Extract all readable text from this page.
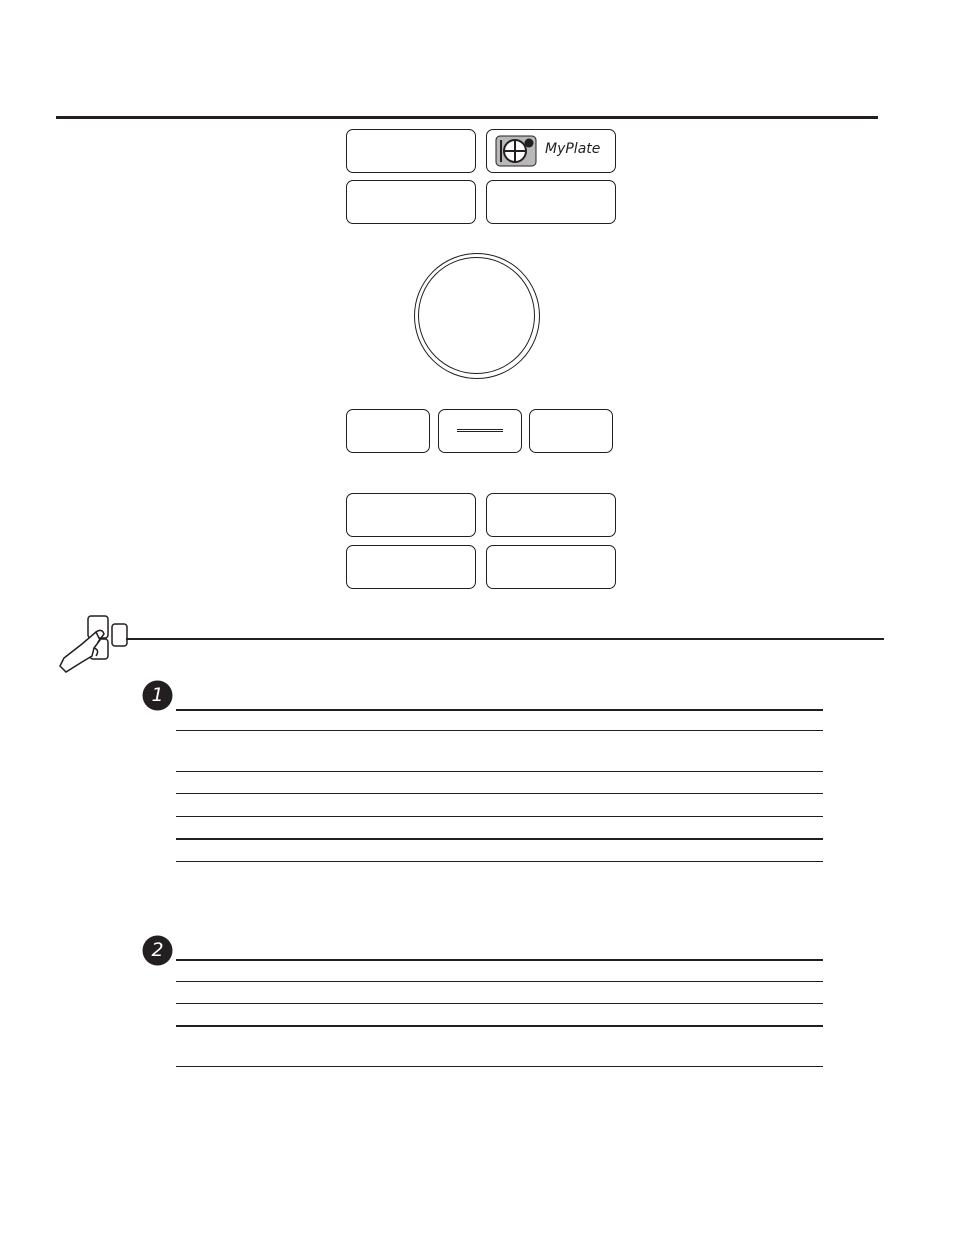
MyPlate
1
2
